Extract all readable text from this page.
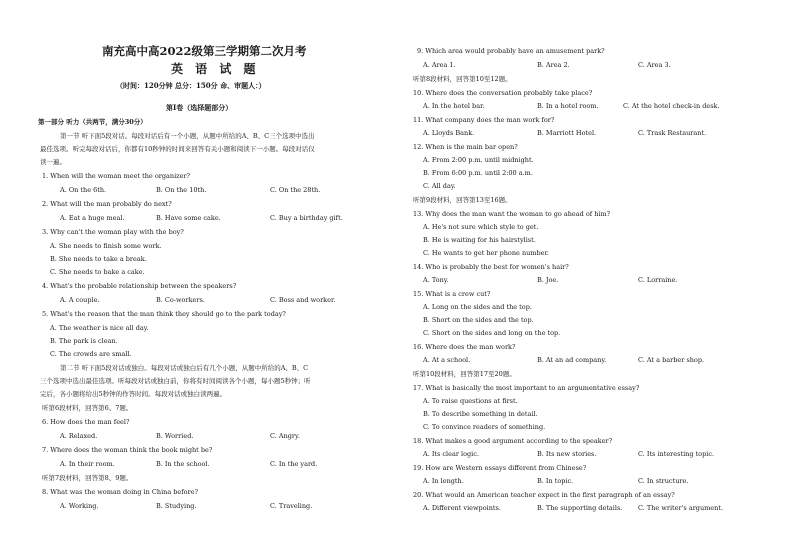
南充高中高2022级第三学期第二次月考
英 语 试 题
（时间：120分钟 总分：150分 命、审题人：）
第Ⅰ卷（选择题部分）
第一部分 听力（共两节，满分30分）
第一节 听下面5段对话。每段对话后有一个小题，从题中所给的A、B、C三个选项中选出
最佳选项。听完每段对话后，你都有10秒钟的时间来回答有关小题和阅读下一小题。每段对话仅
读一遍。
1. When will the woman meet the organizer?
A. On the 6th.	B. On the 10th.	C. On the 28th.
2. What will the man probably do next?
A. Eat a huge meal.	B. Have some cake.	C. Buy a birthday gift.
3. Why can't the woman play with the boy?
A. She needs to finish some work.
B. She needs to take a break.
C. She needs to bake a cake.
4. What's the probable relationship between the speakers?
A. A couple.	B. Co-workers.	C. Boss and worker.
5. What's the reason that the man think they should go to the park today?
A. The weather is nice all day.
B. The park is clean.
C. The crowds are small.
第二节 听下面5段对话或独白。每段对话或独白后有几个小题，从题中所给的A、B、C
三个选项中选出最佳选项。听每段对话或独白前，你将有时间阅读各个小题，每小题5秒钟；听
完后，各小题将给出5秒钟的作答时间。每段对话或独白读两遍。
听第6段材料，回答第6、7题。
6. How does the man feel?
A. Relaxed.	B. Worried.	C. Angry.
7. Where does the woman think the book might be?
A. In their room.	B. In the school.	C. In the yard.
听第7段材料，回答第8、9题。
8. What was the woman doing in China before?
A. Working.	B. Studying.	C. Traveling.
9. Which area would probably have an amusement park?
A. Area 1.	B. Area 2.	C. Area 3.
听第8段材料，回答第10至12题。
10. Where does the conversation probably take place?
A. In the hotel bar.	B. In a hotel room.	C. At the hotel check-in desk.
11. What company does the man work for?
A. Lloyds Bank.	B. Marriott Hotel.	C. Trask Restaurant.
12. When is the main bar open?
A. From 2:00 p.m. until midnight.
B. From 6:00 p.m. until 2:00 a.m.
C. All day.
听第9段材料，回答第13至16题。
13. Why does the man want the woman to go ahead of him?
A. He's not sure which style to get.
B. He is waiting for his hairstylist.
C. He wants to get her phone number.
14. Who is probably the best for women's hair?
A. Tony.	B. Joe.	C. Lorraine.
15. What is a crew cut?
A. Long on the sides and the top.
B. Short on the sides and the top.
C. Short on the sides and long on the top.
16. Where does the man work?
A. At a school.	B. At an ad company.	C. At a barber shop.
听第10段材料，回答第17至20题。
17. What is basically the most important to an argumentative essay?
A. To raise questions at first.
B. To describe something in detail.
C. To convince readers of something.
18. What makes a good argument according to the speaker?
A. Its clear logic.	B. Its new stories.	C. Its interesting topic.
19. How are Western essays different from Chinese?
A. In length.	B. In topic.	C. In structure.
20. What would an American teacher expect in the first paragraph of an essay?
A. Different viewpoints.	B. The supporting details. C. The writer's argument.
